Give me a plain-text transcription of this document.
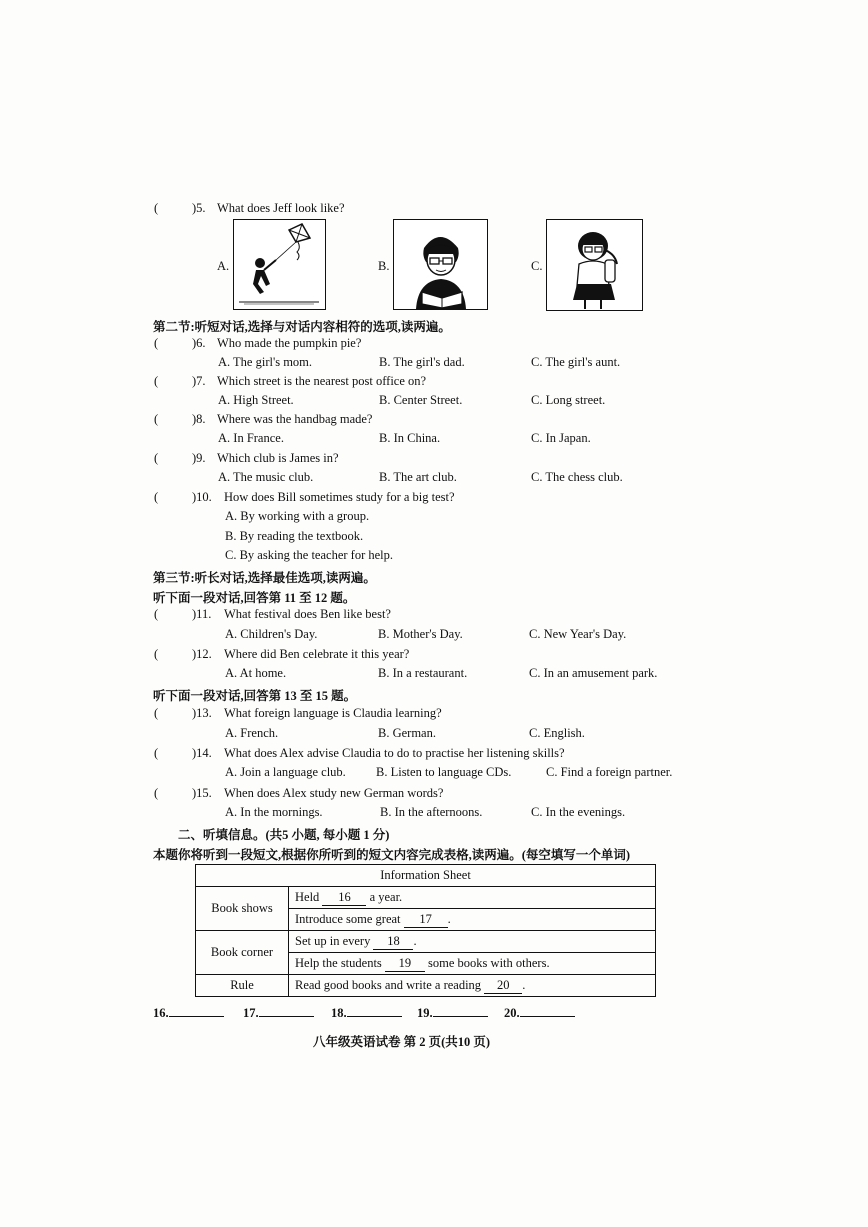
(	)5. What does Jeff look like?
A.	B.	C.
第二节:听短对话,选择与对话内容相符的选项,读两遍。
(	)6. Who made the pumpkin pie?
A. The girl's mom.	B. The girl's dad.	C. The girl's aunt.
(	)7. Which street is the nearest post office on?
A. High Street.	B. Center Street.	C. Long street.
(	)8. Where was the handbag made?
A. In France.	B. In China.	C. In Japan.
(	)9. Which club is James in?
A. The music club.	B. The art club.	C. The chess club.
(	)10. How does Bill sometimes study for a big test?
A. By working with a group.
B. By reading the textbook.
C. By asking the teacher for help.
第三节:听长对话,选择最佳选项,读两遍。
听下面一段对话,回答第 11 至 12 题。
(	)11. What festival does Ben like best?
A. Children's Day.	B. Mother's Day.	C. New Year's Day.
(	)12. Where did Ben celebrate it this year?
A. At home.	B. In a restaurant.	C. In an amusement park.
听下面一段对话,回答第 13 至 15 题。
(	)13. What foreign language is Claudia learning?
A. French.	B. German.	C. English.
(	)14. What does Alex advise Claudia to do to practise her listening skills?
A. Join a language club. B. Listen to language CDs.	C. Find a foreign partner.
(	)15. When does Alex study new German words?
A. In the mornings.	B. In the afternoons.	C. In the evenings.
二、听填信息。(共5 小题, 每小题 1 分)
本题你将听到一段短文,根据你所听到的短文内容完成表格,读两遍。(每空填写一个单词)
Information Sheet	
Book shows	Held 16 a year.
	Introduce some great 17 .
Book corner	Set up in every 18 .
	Help the students 19 some books with others.
Rule	Read good books and write a reading 20 .
16.	17.	18.	19.	20.
八年级英语试卷 第 2 页(共10 页)
